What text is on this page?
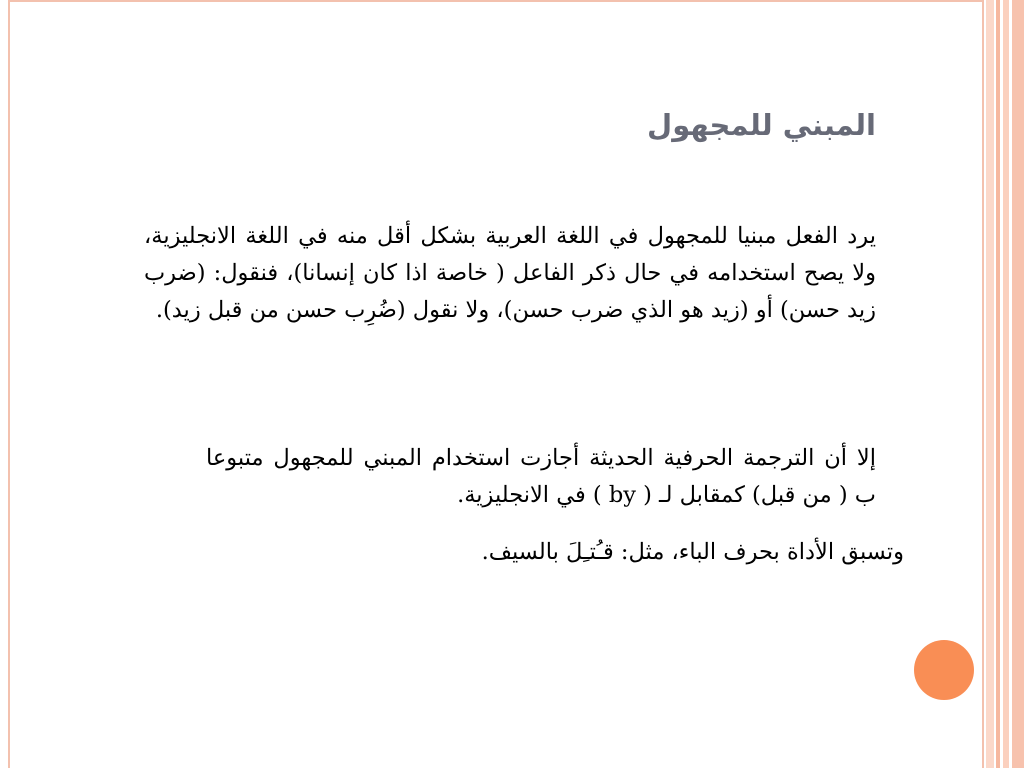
المبني للمجهول

يرد الفعل مبنيا للمجهول في اللغة العربية بشكل أقل منه في اللغة الانجليزية، ولا يصح استخدامه في حال ذكر الفاعل ( خاصة اذا كان إنسانا)، فنقول: (ضرب زيد حسن) أو (زيد هو الذي ضرب حسن)، ولا نقول (ضُرِب حسن من قبل زيد).

إلا أن الترجمة الحرفية الحديثة أجازت استخدام المبني للمجهول متبوعا ب ( من قبل) كمقابل لـ ( by ) في الانجليزية.

وتسبق الأداة بحرف الباء، مثل: قـُتـِلَ بالسيف.
